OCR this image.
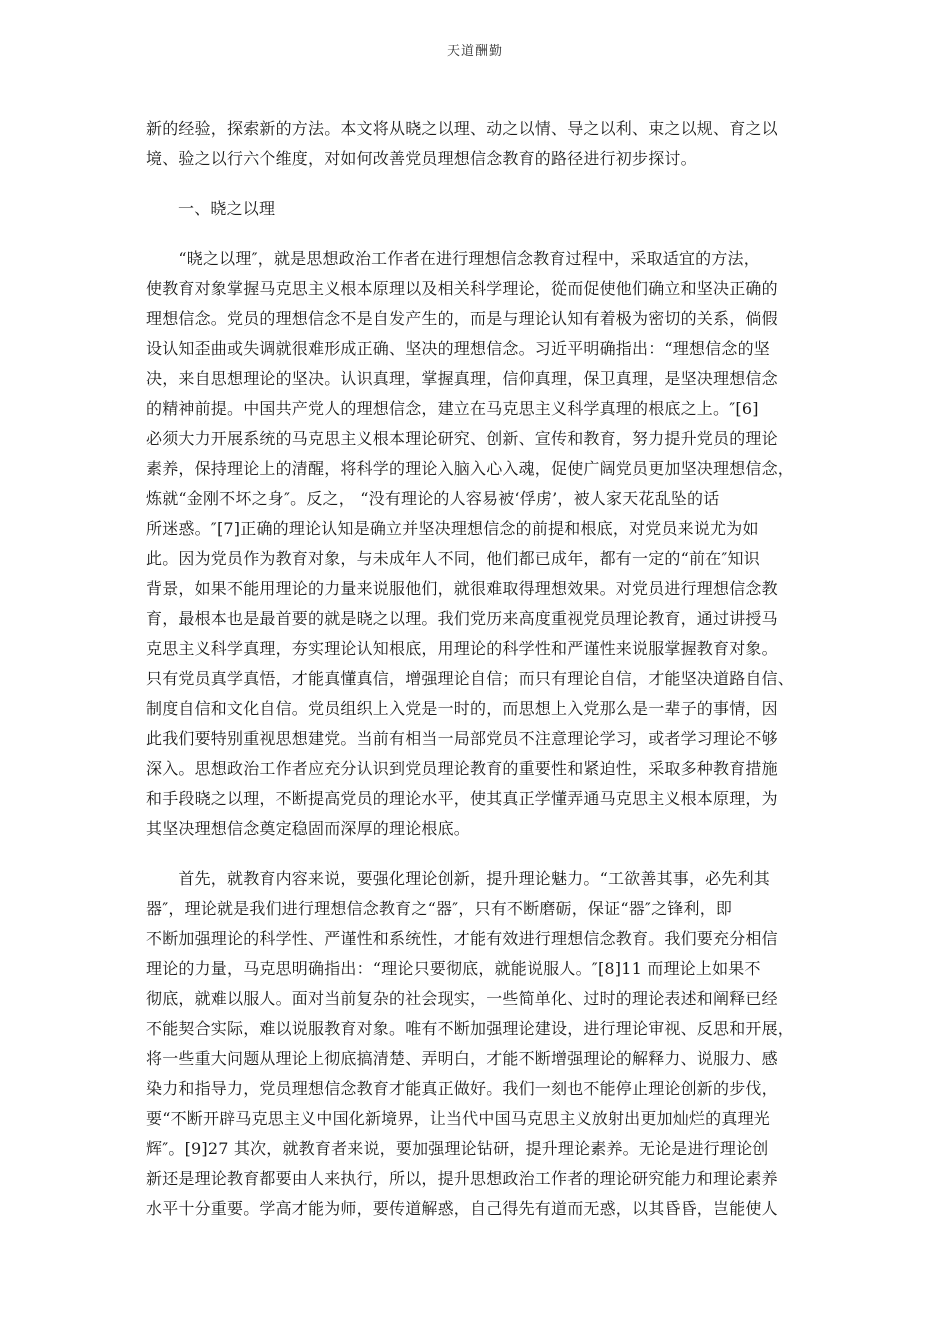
天道酬勤
新的经验，探索新的方法。本文将从晓之以理、动之以情、导之以利、束之以规、育之以
境、验之以行六个维度，对如何改善党员理想信念教育的路径进行初步探讨。
一、晓之以理
　　“晓之以理″，就是思想政治工作者在进行理想信念教育过程中，采取适宜的方法，
使教育对象掌握马克思主义根本原理以及相关科学理论，從而促使他们确立和坚决正确的
理想信念。党员的理想信念不是自发产生的，而是与理论认知有着极为密切的关系，倘假
设认知歪曲或失调就很难形成正确、坚决的理想信念。习近平明确指出：“理想信念的坚
决，来自思想理论的坚决。认识真理，掌握真理，信仰真理，保卫真理，是坚决理想信念
的精神前提。中国共产党人的理想信念，建立在马克思主义科学真理的根底之上。″[6]
必须大力开展系统的马克思主义根本理论研究、创新、宣传和教育，努力提升党员的理论
素养，保持理论上的清醒，将科学的理论入脑入心入魂，促使广阔党员更加坚决理想信念，
炼就“金刚不坏之身″。反之， “没有理论的人容易被‘俘虏’，被人家天花乱坠的话
所迷惑。″[7]正确的理论认知是确立并坚决理想信念的前提和根底，对党员来说尤为如
此。因为党员作为教育对象，与未成年人不同，他们都已成年，都有一定的“前在″知识
背景，如果不能用理论的力量来说服他们，就很难取得理想效果。对党员进行理想信念教
育，最根本也是最首要的就是晓之以理。我们党历来高度重视党员理论教育，通过讲授马
克思主义科学真理，夯实理论认知根底，用理论的科学性和严谨性来说服掌握教育对象。
只有党员真学真悟，才能真懂真信，增强理论自信；而只有理论自信，才能坚决道路自信、
制度自信和文化自信。党员组织上入党是一时的，而思想上入党那么是一辈子的事情，因
此我们要特别重视思想建党。当前有相当一局部党员不注意理论学习，或者学习理论不够
深入。思想政治工作者应充分认识到党员理论教育的重要性和紧迫性，采取多种教育措施
和手段晓之以理，不断提高党员的理论水平，使其真正学懂弄通马克思主义根本原理，为
其坚决理想信念奠定稳固而深厚的理论根底。
　　首先，就教育内容来说，要强化理论创新，提升理论魅力。“工欲善其事，必先利其
器″，理论就是我们进行理想信念教育之“器″，只有不断磨砺，保证“器″之锋利，即
不断加强理论的科学性、严谨性和系统性，才能有效进行理想信念教育。我们要充分相信
理论的力量，马克思明确指出：“理论只要彻底，就能说服人。″[8]11 而理论上如果不
彻底，就难以服人。面对当前复杂的社会现实，一些简单化、过时的理论表述和阐释已经
不能契合实际，难以说服教育对象。唯有不断加强理论建设，进行理论审视、反思和开展，
将一些重大问题从理论上彻底搞清楚、弄明白，才能不断增强理论的解释力、说服力、感
染力和指导力，党员理想信念教育才能真正做好。我们一刻也不能停止理论创新的步伐，
要“不断开辟马克思主义中国化新境界，让当代中国马克思主义放射出更加灿烂的真理光
辉″。[9]27 其次，就教育者来说，要加强理论钻研，提升理论素养。无论是进行理论创
新还是理论教育都要由人来执行，所以，提升思想政治工作者的理论研究能力和理论素养
水平十分重要。学高才能为师，要传道解惑，自己得先有道而无惑，以其昏昏，岂能使人
